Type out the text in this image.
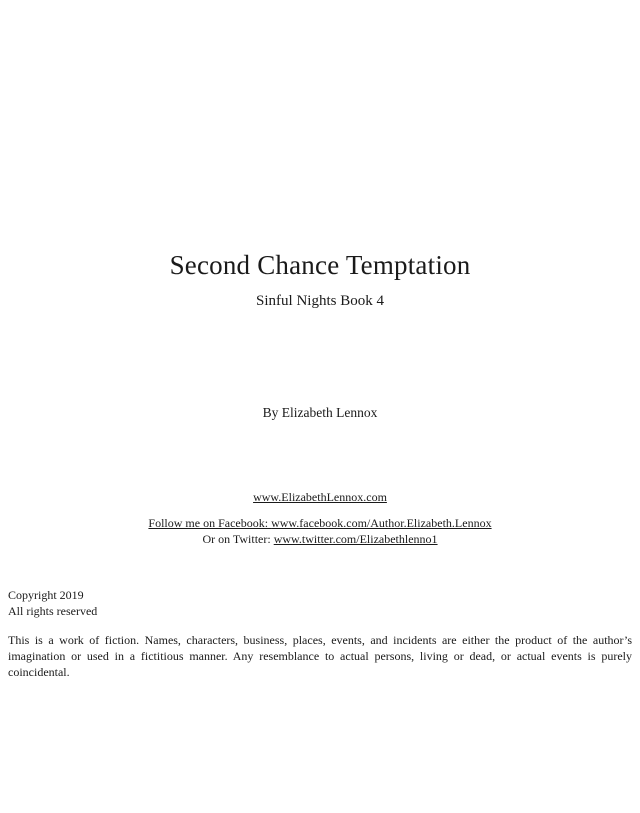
Second Chance Temptation
Sinful Nights Book 4
By Elizabeth Lennox
www.ElizabethLennox.com
Follow me on Facebook: www.facebook.com/Author.Elizabeth.Lennox
Or on Twitter: www.twitter.com/Elizabethlenno1
Copyright 2019
All rights reserved
This is a work of fiction. Names, characters, business, places, events, and incidents are either the product of the author’s imagination or used in a fictitious manner. Any resemblance to actual persons, living or dead, or actual events is purely coincidental.
